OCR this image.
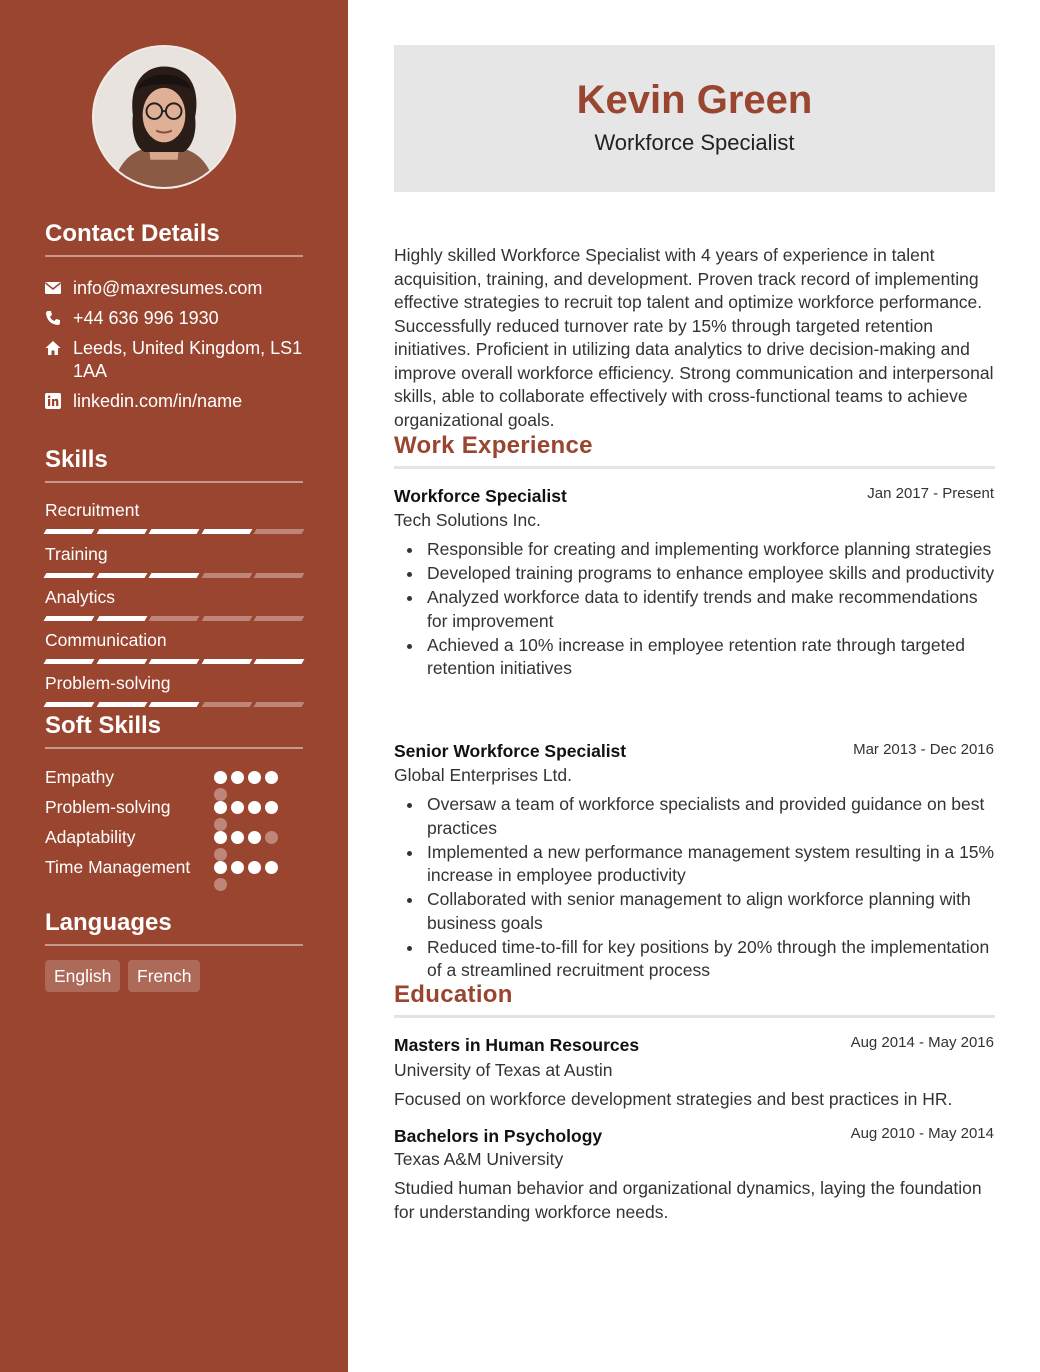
Contact Details
info@maxresumes.com
+44 636 996 1930
Leeds, United Kingdom, LS1 1AA
linkedin.com/in/name
Skills
Recruitment
Training
Analytics
Communication
Problem-solving
Soft Skills
Empathy
Problem-solving
Adaptability
Time Management
Languages
English	French
Kevin Green
Workforce Specialist
Highly skilled Workforce Specialist with 4 years of experience in talent acquisition, training, and development. Proven track record of implementing effective strategies to recruit top talent and optimize workforce performance. Successfully reduced turnover rate by 15% through targeted retention initiatives. Proficient in utilizing data analytics to drive decision-making and improve overall workforce efficiency. Strong communication and interpersonal skills, able to collaborate effectively with cross-functional teams to achieve organizational goals.
Work Experience
Workforce Specialist	Jan 2017 - Present
Tech Solutions Inc.
Responsible for creating and implementing workforce planning strategies
Developed training programs to enhance employee skills and productivity
Analyzed workforce data to identify trends and make recommendations for improvement
Achieved a 10% increase in employee retention rate through targeted retention initiatives
Senior Workforce Specialist	Mar 2013 - Dec 2016
Global Enterprises Ltd.
Oversaw a team of workforce specialists and provided guidance on best practices
Implemented a new performance management system resulting in a 15% increase in employee productivity
Collaborated with senior management to align workforce planning with business goals
Reduced time-to-fill for key positions by 20% through the implementation of a streamlined recruitment process
Education
Masters in Human Resources	Aug 2014 - May 2016
University of Texas at Austin
Focused on workforce development strategies and best practices in HR.
Bachelors in Psychology	Aug 2010 - May 2014
Texas A&M University
Studied human behavior and organizational dynamics, laying the foundation for understanding workforce needs.
